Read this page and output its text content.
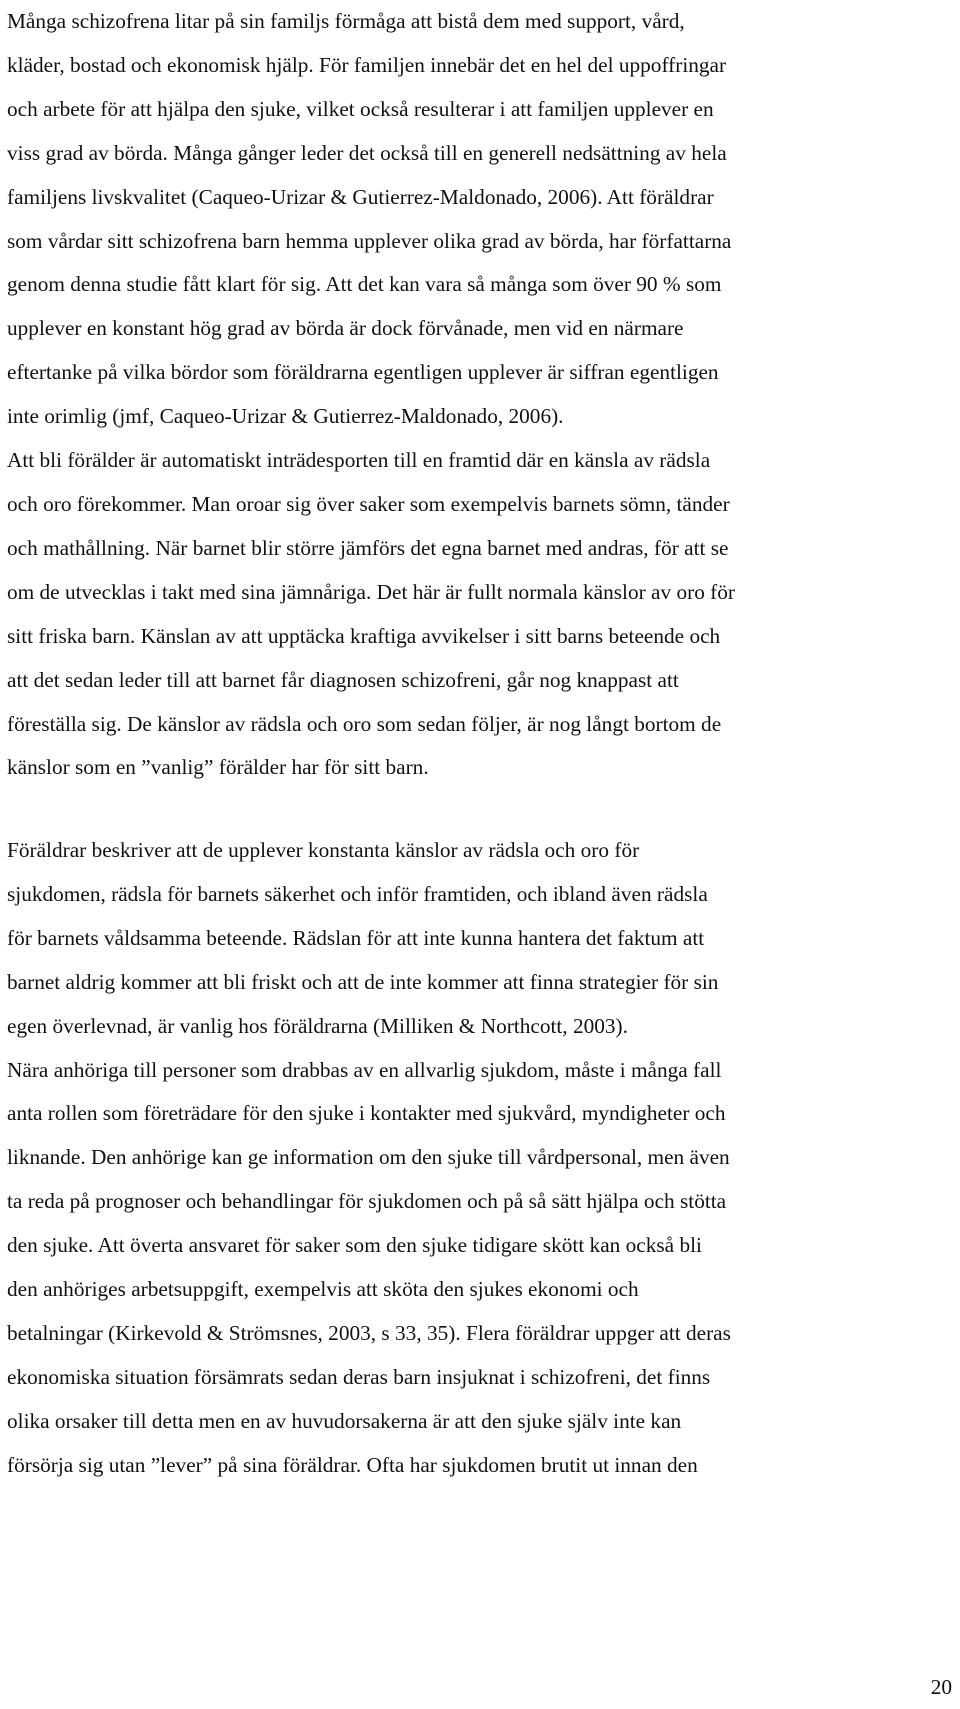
Många schizofrena litar på sin familjs förmåga att bistå dem med support, vård,
kläder, bostad och ekonomisk hjälp. För familjen innebär det en hel del uppoffringar
och arbete för att hjälpa den sjuke, vilket också resulterar i att familjen upplever en
viss grad av börda. Många gånger leder det också till en generell nedsättning av hela
familjens livskvalitet (Caqueo-Urizar & Gutierrez-Maldonado, 2006). Att föräldrar
som vårdar sitt schizofrena barn hemma upplever olika grad av börda, har författarna
genom denna studie fått klart för sig. Att det kan vara så många som över 90 % som
upplever en konstant hög grad av börda är dock förvånade, men vid en närmare
eftertanke på vilka bördor som föräldrarna egentligen upplever är siffran egentligen
inte orimlig (jmf, Caqueo-Urizar & Gutierrez-Maldonado, 2006).
Att bli förälder är automatiskt inträdesporten till en framtid där en känsla av rädsla
och oro förekommer. Man oroar sig över saker som exempelvis barnets sömn, tänder
och mathållning. När barnet blir större jämförs det egna barnet med andras, för att se
om de utvecklas i takt med sina jämnåriga. Det här är fullt normala känslor av oro för
sitt friska barn. Känslan av att upptäcka kraftiga avvikelser i sitt barns beteende och
att det sedan leder till att barnet får diagnosen schizofreni, går nog knappast att
föreställa sig. De känslor av rädsla och oro som sedan följer, är nog långt bortom de
känslor som en ”vanlig” förälder har för sitt barn.
Föräldrar beskriver att de upplever konstanta känslor av rädsla och oro för
sjukdomen, rädsla för barnets säkerhet och inför framtiden, och ibland även rädsla
för barnets våldsamma beteende. Rädslan för att inte kunna hantera det faktum att
barnet aldrig kommer att bli friskt och att de inte kommer att finna strategier för sin
egen överlevnad, är vanlig hos föräldrarna (Milliken & Northcott, 2003).
Nära anhöriga till personer som drabbas av en allvarlig sjukdom, måste i många fall
anta rollen som företrädare för den sjuke i kontakter med sjukvård, myndigheter och
liknande. Den anhörige kan ge information om den sjuke till vårdpersonal, men även
ta reda på prognoser och behandlingar för sjukdomen och på så sätt hjälpa och stötta
den sjuke. Att överta ansvaret för saker som den sjuke tidigare skött kan också bli
den anhöriges arbetsuppgift, exempelvis att sköta den sjukes ekonomi och
betalningar (Kirkevold & Strömsnes, 2003, s 33, 35). Flera föräldrar uppger att deras
ekonomiska situation försämrats sedan deras barn insjuknat i schizofreni, det finns
olika orsaker till detta men en av huvudorsakerna är att den sjuke själv inte kan
försörja sig utan ”lever” på sina föräldrar. Ofta har sjukdomen brutit ut innan den
20
